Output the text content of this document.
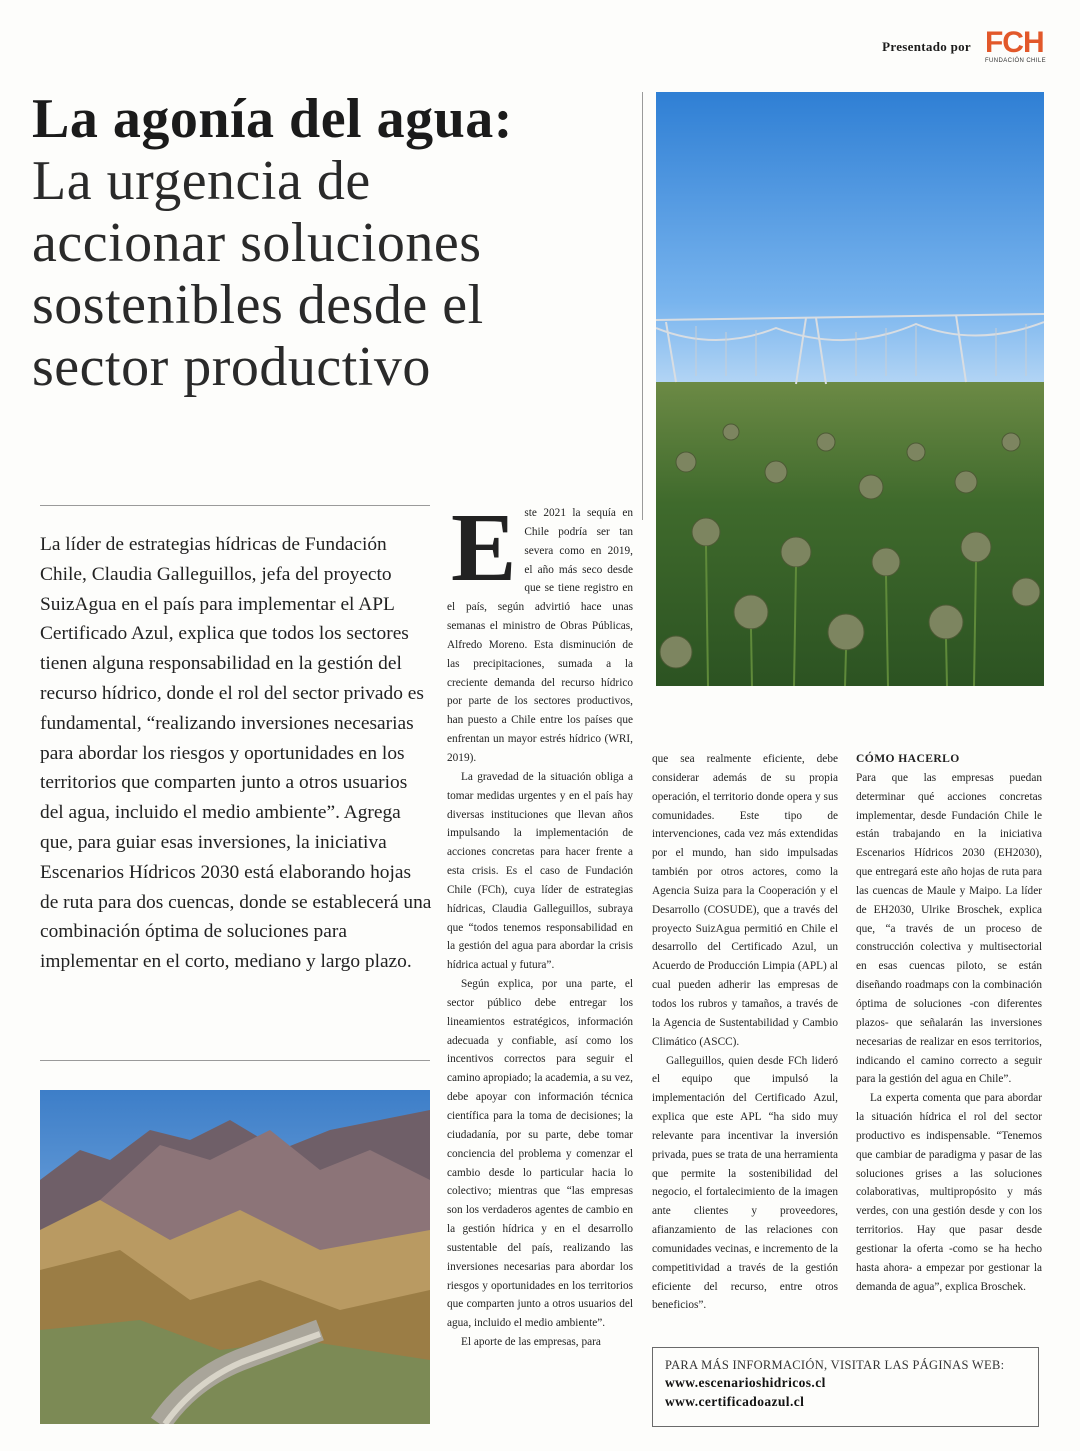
Presentado por FCH
FUNDACIÓN CHILE
La agonía del agua:
La urgencia de
accionar soluciones
sostenibles desde el
sector productivo
La líder de estrategias hídricas de Fundación Chile, Claudia Galleguillos, jefa del proyecto SuizAgua en el país para implementar el APL Certificado Azul, explica que todos los sectores tienen alguna responsabilidad en la gestión del recurso hídrico, donde el rol del sector privado es fundamental, “realizando inversiones necesarias para abordar los riesgos y oportunidades en los territorios que comparten junto a otros usuarios del agua, incluido el medio ambiente”. Agrega que, para guiar esas inversiones, la iniciativa Escenarios Hídricos 2030 está elaborando hojas de ruta para dos cuencas, donde se establecerá una combinación óptima de soluciones para implementar en el corto, mediano y largo plazo.

Este 2021 la sequía en Chile podría ser tan severa como en 2019, el año más seco desde que se tiene registro en el país, según advirtió hace unas semanas el ministro de Obras Públicas, Alfredo Moreno. Esta disminución de las precipitaciones, sumada a la creciente demanda del recurso hídrico por parte de los sectores productivos, han puesto a Chile entre los países que enfrentan un mayor estrés hídrico (WRI, 2019).

La gravedad de la situación obliga a tomar medidas urgentes y en el país hay diversas instituciones que llevan años impulsando la implementación de acciones concretas para hacer frente a esta crisis. Es el caso de Fundación Chile (FCh), cuya líder de estrategias hídricas, Claudia Galleguillos, subraya que “todos tenemos responsabilidad en la gestión del agua para abordar la crisis hídrica actual y futura”.

Según explica, por una parte, el sector público debe entregar los lineamientos estratégicos, información adecuada y confiable, así como los incentivos correctos para seguir el camino apropiado; la academia, a su vez, debe apoyar con información técnica científica para la toma de decisiones; la ciudadanía, por su parte, debe tomar conciencia del problema y comenzar el cambio desde lo particular hacia lo colectivo; mientras que “las empresas son los verdaderos agentes de cambio en la gestión hídrica y en el desarrollo sustentable del país, realizando las inversiones necesarias para abordar los riesgos y oportunidades en los territorios que comparten junto a otros usuarios del agua, incluido el medio ambiente”.

El aporte de las empresas, para

que sea realmente eficiente, debe considerar además de su propia operación, el territorio donde opera y sus comunidades. Este tipo de intervenciones, cada vez más extendidas por el mundo, han sido impulsadas también por otros actores, como la Agencia Suiza para la Cooperación y el Desarrollo (COSUDE), que a través del proyecto SuizAgua permitió en Chile el desarrollo del Certificado Azul, un Acuerdo de Producción Limpia (APL) al cual pueden adherir las empresas de todos los rubros y tamaños, a través de la Agencia de Sustentabilidad y Cambio Climático (ASCC).

Galleguillos, quien desde FCh lideró el equipo que impulsó la implementación del Certificado Azul, explica que este APL “ha sido muy relevante para incentivar la inversión privada, pues se trata de una herramienta que permite la sostenibilidad del negocio, el fortalecimiento de la imagen ante clientes y proveedores, afianzamiento de las relaciones con comunidades vecinas, e incremento de la competitividad a través de la gestión eficiente del recurso, entre otros beneficios”.

CÓMO HACERLO

Para que las empresas puedan determinar qué acciones concretas implementar, desde Fundación Chile le están trabajando en la iniciativa Escenarios Hídricos 2030 (EH2030), que entregará este año hojas de ruta para las cuencas de Maule y Maipo. La líder de EH2030, Ulrike Broschek, explica que, “a través de un proceso de construcción colectiva y multisectorial en esas cuencas piloto, se están diseñando roadmaps con la combinación óptima de soluciones -con diferentes plazos- que señalarán las inversiones necesarias de realizar en esos territorios, indicando el camino correcto a seguir para la gestión del agua en Chile”.

La experta comenta que para abordar la situación hídrica el rol del sector productivo es indispensable. “Tenemos que cambiar de paradigma y pasar de las soluciones grises a las soluciones colaborativas, multipropósito y más verdes, con una gestión desde y con los territorios. Hay que pasar desde gestionar la oferta -como se ha hecho hasta ahora- a empezar por gestionar la demanda de agua”, explica Broschek.

PARA MÁS INFORMACIÓN, VISITAR LAS PÁGINAS WEB:
www.escenarioshidricos.cl
www.certificadoazul.cl
